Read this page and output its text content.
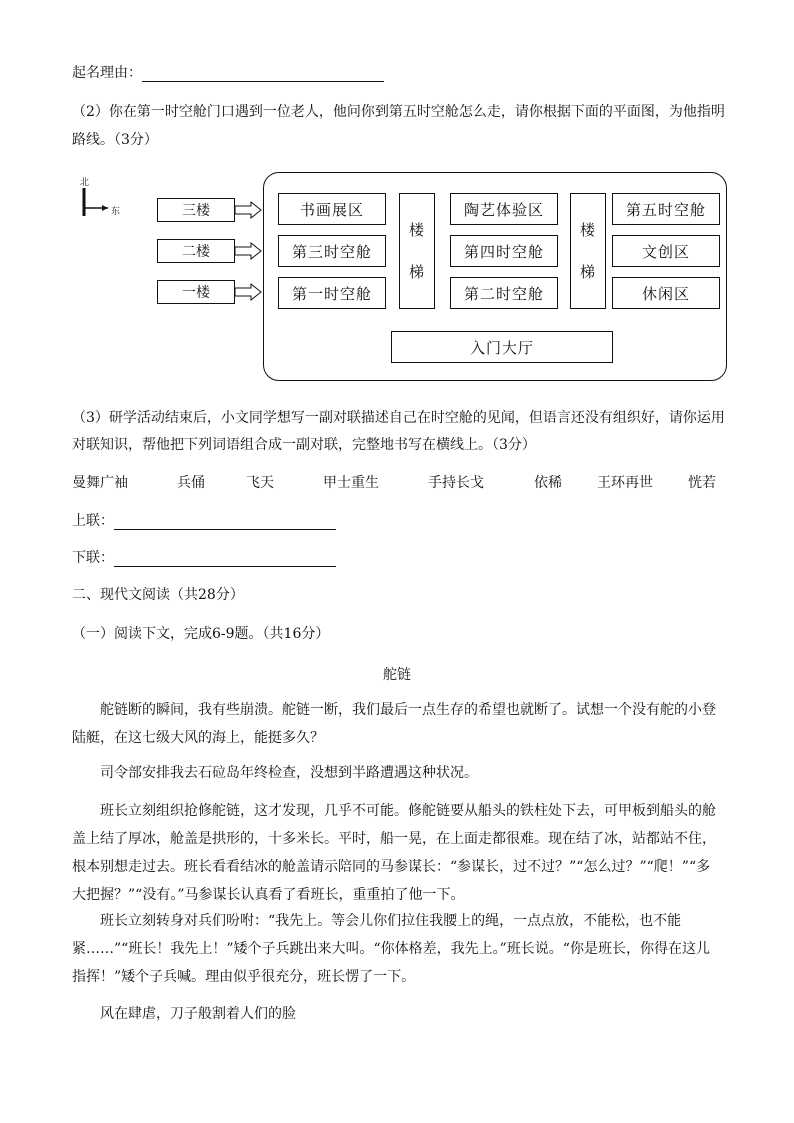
起名理由：
（2）你在第一时空舱门口遇到一位老人，他问你到第五时空舱怎么走，请你根据下面的平面图，为他指明
路线。（3分）
北
东	三楼
二楼
一楼
书画展区
第三时空舱
第一时空舱
楼
梯
陶艺体验区
第四时空舱
第二时空舱
楼
梯
第五时空舱
文创区
休闲区
入门大厅
（3）研学活动结束后，小文同学想写一副对联描述自己在时空舱的见闻，但语言还没有组织好，请你运用
对联知识，帮他把下列词语组合成一副对联，完整地书写在横线上。（3分）
曼舞广袖	兵俑	飞天	甲士重生	手持长戈	依稀	王环再世	恍若
上联：
下联：
二、现代文阅读（共28分）
（一）阅读下文，完成6-9题。（共16分）
舵链

舵链断的瞬间，我有些崩溃。舵链一断，我们最后一点生存的希望也就断了。试想一个没有舵的小登陆艇，在这七级大风的海上，能挺多久？

司令部安排我去石砬岛年终检查，没想到半路遭遇这种状况。

班长立刻组织抢修舵链，这才发现，几乎不可能。修舵链要从船头的铁柱处下去，可甲板到船头的舱盖上结了厚冰，舱盖是拱形的，十多米长。平时，船一晃，在上面走都很难。现在结了冰，站都站不住，根本别想走过去。班长看看结冰的舱盖请示陪同的马参谋长：“参谋长，过不过？”“怎么过？”“爬！”“多大把握？”“没有。”马参谋长认真看了看班长，重重拍了他一下。

班长立刻转身对兵们吩咐：“我先上。等会儿你们拉住我腰上的绳，一点点放，不能松，也不能紧……”“班长！我先上！”矮个子兵跳出来大叫。“你体格差，我先上。”班长说。“你是班长，你得在这儿指挥！”矮个子兵喊。理由似乎很充分，班长愣了一下。

风在肆虐，刀子般割着人们的脸
